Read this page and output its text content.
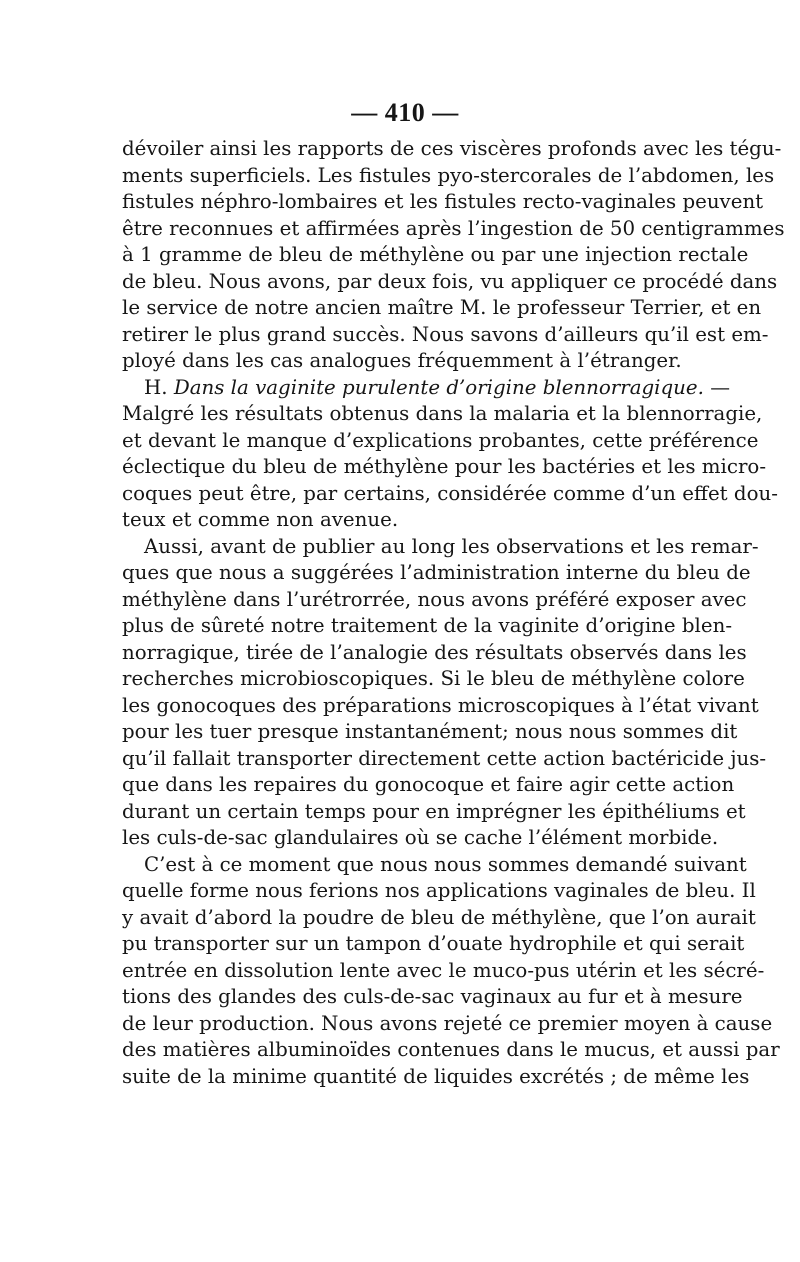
— 410 —
dévoiler ainsi les rapports de ces viscères profonds avec les tégu-
ments superficiels. Les fistules pyo-stercorales de l’abdomen, les
fistules néphro-lombaires et les fistules recto-vaginales peuvent
être reconnues et affirmées après l’ingestion de 50 centigrammes
à 1 gramme de bleu de méthylène ou par une injection rectale
de bleu. Nous avons, par deux fois, vu appliquer ce procédé dans
le service de notre ancien maître M. le professeur Terrier, et en
retirer le plus grand succès. Nous savons d’ailleurs qu’il est em-
ployé dans les cas analogues fréquemment à l’étranger.
H. Dans la vaginite purulente d’origine blennorragique. —
Malgré les résultats obtenus dans la malaria et la blennorragie,
et devant le manque d’explications probantes, cette préférence
éclectique du bleu de méthylène pour les bactéries et les micro-
coques peut être, par certains, considérée comme d’un effet dou-
teux et comme non avenue.
Aussi, avant de publier au long les observations et les remar-
ques que nous a suggérées l’administration interne du bleu de
méthylène dans l’urétrorrée, nous avons préféré exposer avec
plus de sûreté notre traitement de la vaginite d’origine blen-
norragique, tirée de l’analogie des résultats observés dans les
recherches microbioscopiques. Si le bleu de méthylène colore
les gonocoques des préparations microscopiques à l’état vivant
pour les tuer presque instantanément; nous nous sommes dit
qu’il fallait transporter directement cette action bactéricide jus-
que dans les repaires du gonocoque et faire agir cette action
durant un certain temps pour en imprégner les épithéliums et
les culs-de-sac glandulaires où se cache l’élément morbide.
C’est à ce moment que nous nous sommes demandé suivant
quelle forme nous ferions nos applications vaginales de bleu. Il
y avait d’abord la poudre de bleu de méthylène, que l’on aurait
pu transporter sur un tampon d’ouate hydrophile et qui serait
entrée en dissolution lente avec le muco-pus utérin et les sécré-
tions des glandes des culs-de-sac vaginaux au fur et à mesure
de leur production. Nous avons rejeté ce premier moyen à cause
des matières albuminoïdes contenues dans le mucus, et aussi par
suite de la minime quantité de liquides excrétés ; de même les
